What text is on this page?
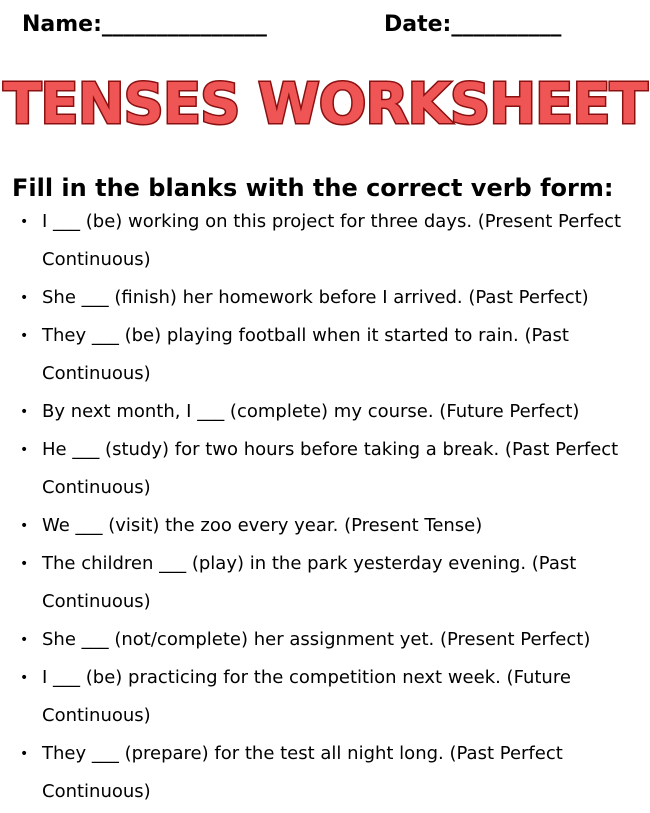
Name:_______________	Date:__________
TENSES WORKSHEET
Fill in the blanks with the correct verb form:
• I ___ (be) working on this project for three days. (Present Perfect Continuous)
• She ___ (finish) her homework before I arrived. (Past Perfect)
• They ___ (be) playing football when it started to rain. (Past Continuous)
• By next month, I ___ (complete) my course. (Future Perfect)
• He ___ (study) for two hours before taking a break. (Past Perfect Continuous)
• We ___ (visit) the zoo every year. (Present Tense)
• The children ___ (play) in the park yesterday evening. (Past Continuous)
• She ___ (not/complete) her assignment yet. (Present Perfect)
• I ___ (be) practicing for the competition next week. (Future Continuous)
• They ___ (prepare) for the test all night long. (Past Perfect Continuous)
